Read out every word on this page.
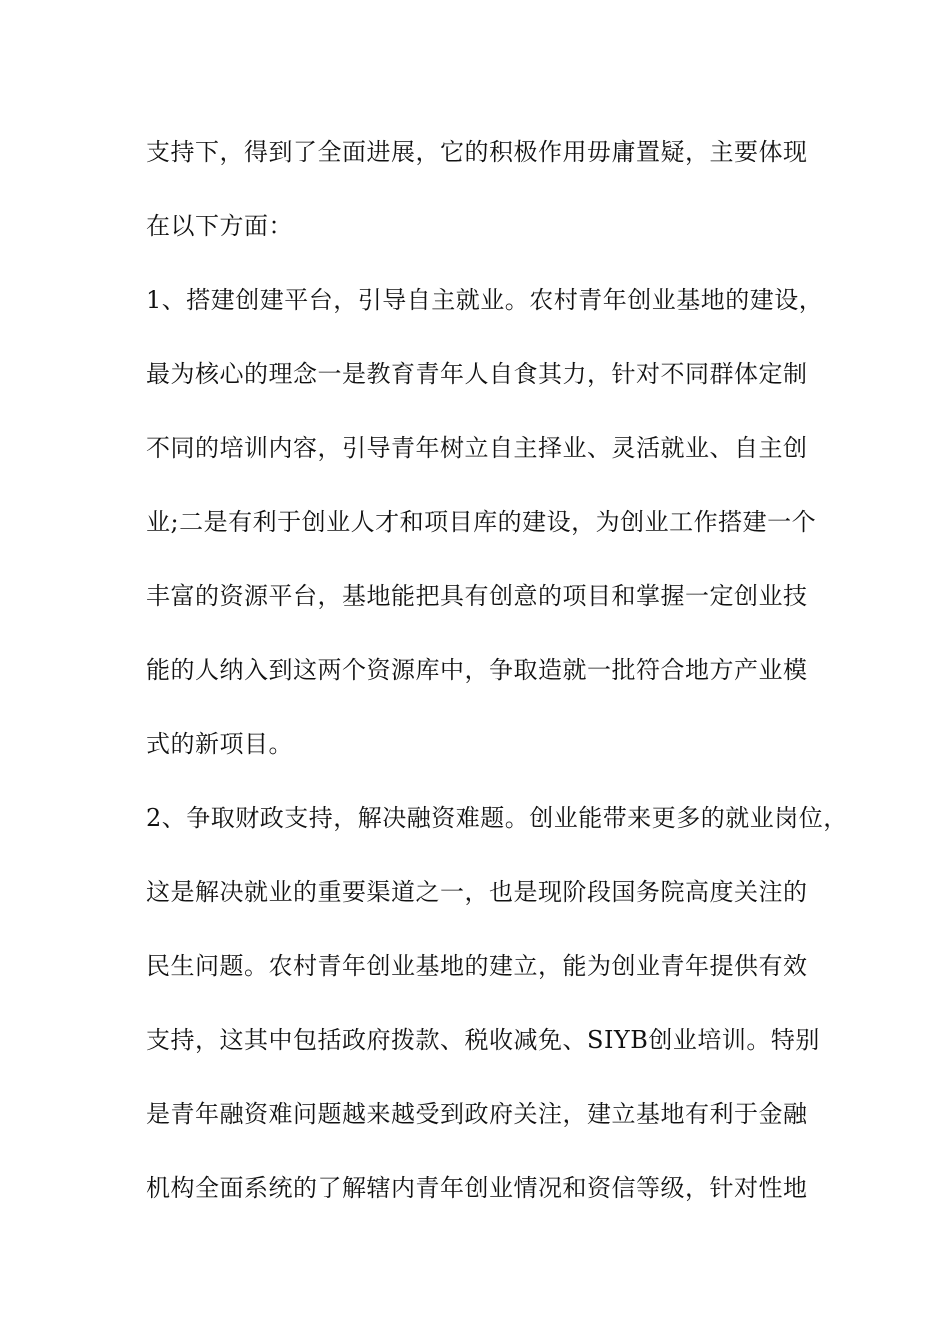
支持下，得到了全面进展，它的积极作用毋庸置疑，主要体现
在以下方面：
1、搭建创建平台，引导自主就业。农村青年创业基地的建设，
最为核心的理念一是教育青年人自食其力，针对不同群体定制
不同的培训内容，引导青年树立自主择业、灵活就业、自主创
业;二是有利于创业人才和项目库的建设，为创业工作搭建一个
丰富的资源平台，基地能把具有创意的项目和掌握一定创业技
能的人纳入到这两个资源库中，争取造就一批符合地方产业模
式的新项目。
2、争取财政支持，解决融资难题。创业能带来更多的就业岗位，
这是解决就业的重要渠道之一，也是现阶段国务院高度关注的
民生问题。农村青年创业基地的建立，能为创业青年提供有效
支持，这其中包括政府拨款、税收减免、SIYB创业培训。特别
是青年融资难问题越来越受到政府关注，建立基地有利于金融
机构全面系统的了解辖内青年创业情况和资信等级，针对性地
